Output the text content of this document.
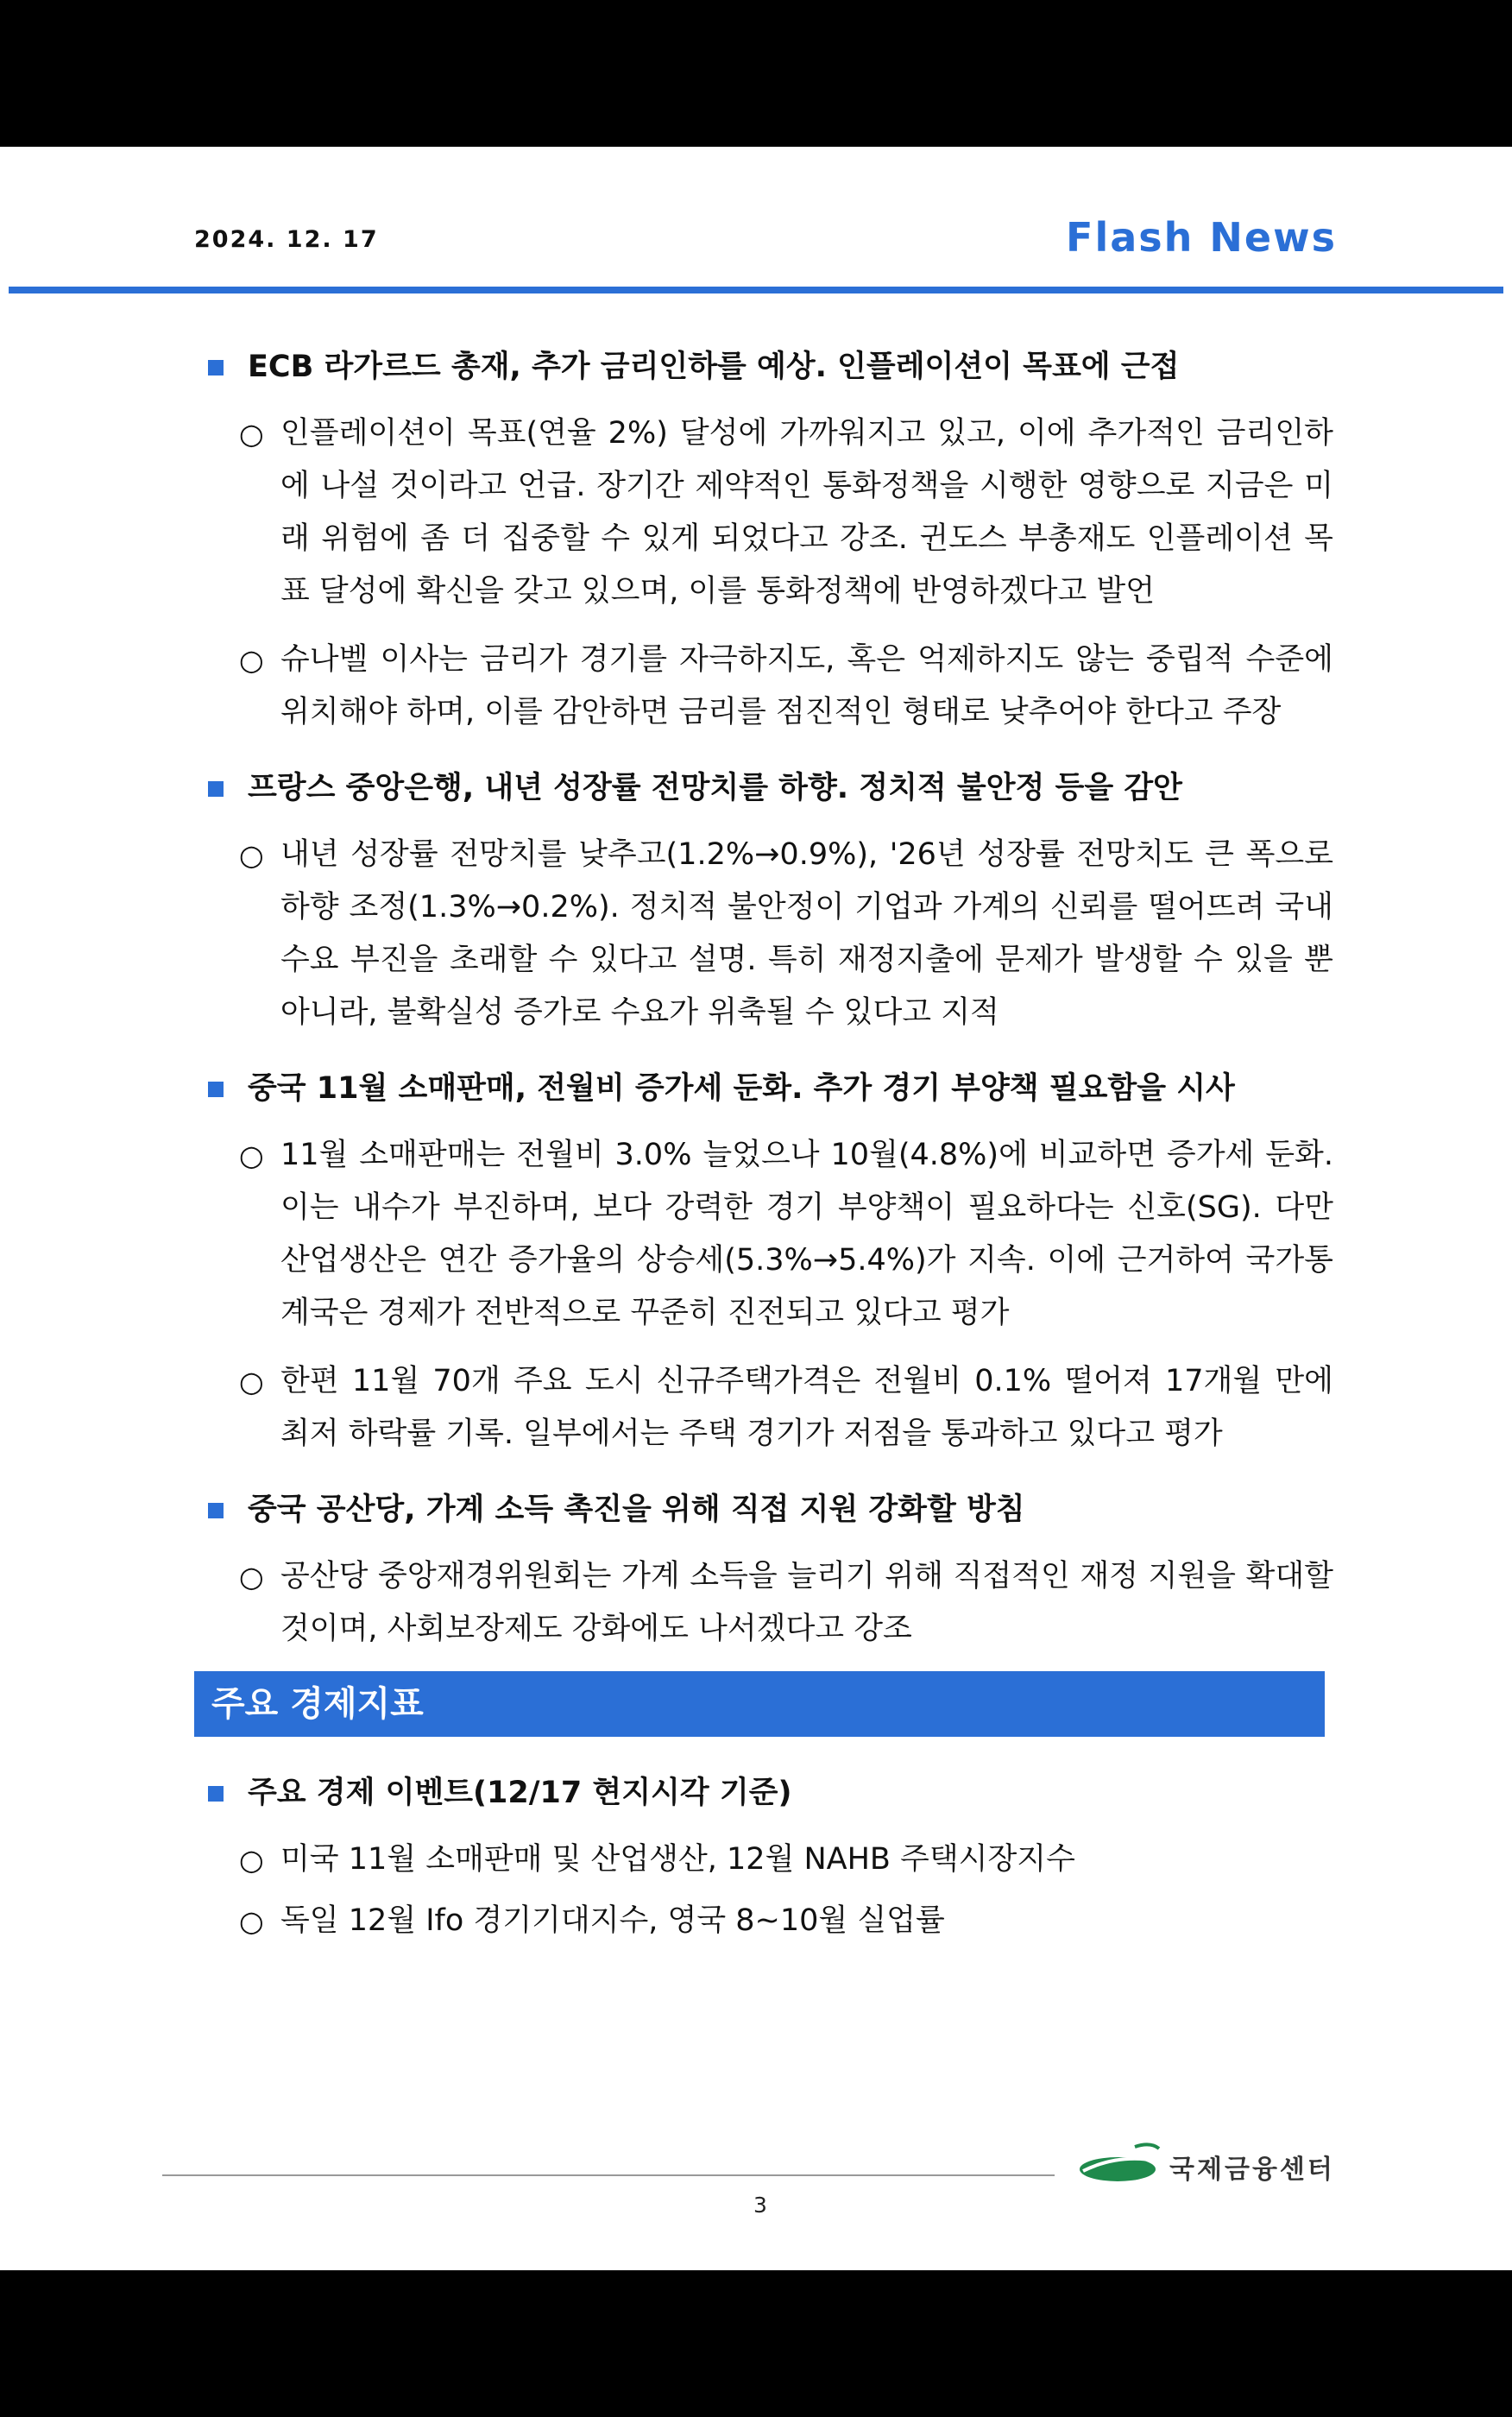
2024. 12. 17	Flash News
ECB 라가르드 총재, 추가 금리인하를 예상. 인플레이션이 목표에 근접
○ 인플레이션이 목표(연율 2%) 달성에 가까워지고 있고, 이에 추가적인 금리인하에 나설 것이라고 언급. 장기간 제약적인 통화정책을 시행한 영향으로 지금은 미래 위험에 좀 더 집중할 수 있게 되었다고 강조. 귄도스 부총재도 인플레이션 목표 달성에 확신을 갖고 있으며, 이를 통화정책에 반영하겠다고 발언
○ 슈나벨 이사는 금리가 경기를 자극하지도, 혹은 억제하지도 않는 중립적 수준에 위치해야 하며, 이를 감안하면 금리를 점진적인 형태로 낮추어야 한다고 주장
프랑스 중앙은행, 내년 성장률 전망치를 하향. 정치적 불안정 등을 감안
○ 내년 성장률 전망치를 낮추고(1.2%→0.9%), '26년 성장률 전망치도 큰 폭으로 하향 조정(1.3%→0.2%). 정치적 불안정이 기업과 가계의 신뢰를 떨어뜨려 국내 수요 부진을 초래할 수 있다고 설명. 특히 재정지출에 문제가 발생할 수 있을 뿐 아니라, 불확실성 증가로 수요가 위축될 수 있다고 지적
중국 11월 소매판매, 전월비 증가세 둔화. 추가 경기 부양책 필요함을 시사
○ 11월 소매판매는 전월비 3.0% 늘었으나 10월(4.8%)에 비교하면 증가세 둔화. 이는 내수가 부진하며, 보다 강력한 경기 부양책이 필요하다는 신호(SG). 다만 산업생산은 연간 증가율의 상승세(5.3%→5.4%)가 지속. 이에 근거하여 국가통계국은 경제가 전반적으로 꾸준히 진전되고 있다고 평가
○ 한편 11월 70개 주요 도시 신규주택가격은 전월비 0.1% 떨어져 17개월 만에 최저 하락률 기록. 일부에서는 주택 경기가 저점을 통과하고 있다고 평가
중국 공산당, 가계 소득 촉진을 위해 직접 지원 강화할 방침
○ 공산당 중앙재경위원회는 가계 소득을 늘리기 위해 직접적인 재정 지원을 확대할 것이며, 사회보장제도 강화에도 나서겠다고 강조
주요 경제지표
주요 경제 이벤트(12/17 현지시각 기준)
○ 미국 11월 소매판매 및 산업생산, 12월 NAHB 주택시장지수
○ 독일 12월 Ifo 경기기대지수, 영국 8~10월 실업률
국제금융센터
3
